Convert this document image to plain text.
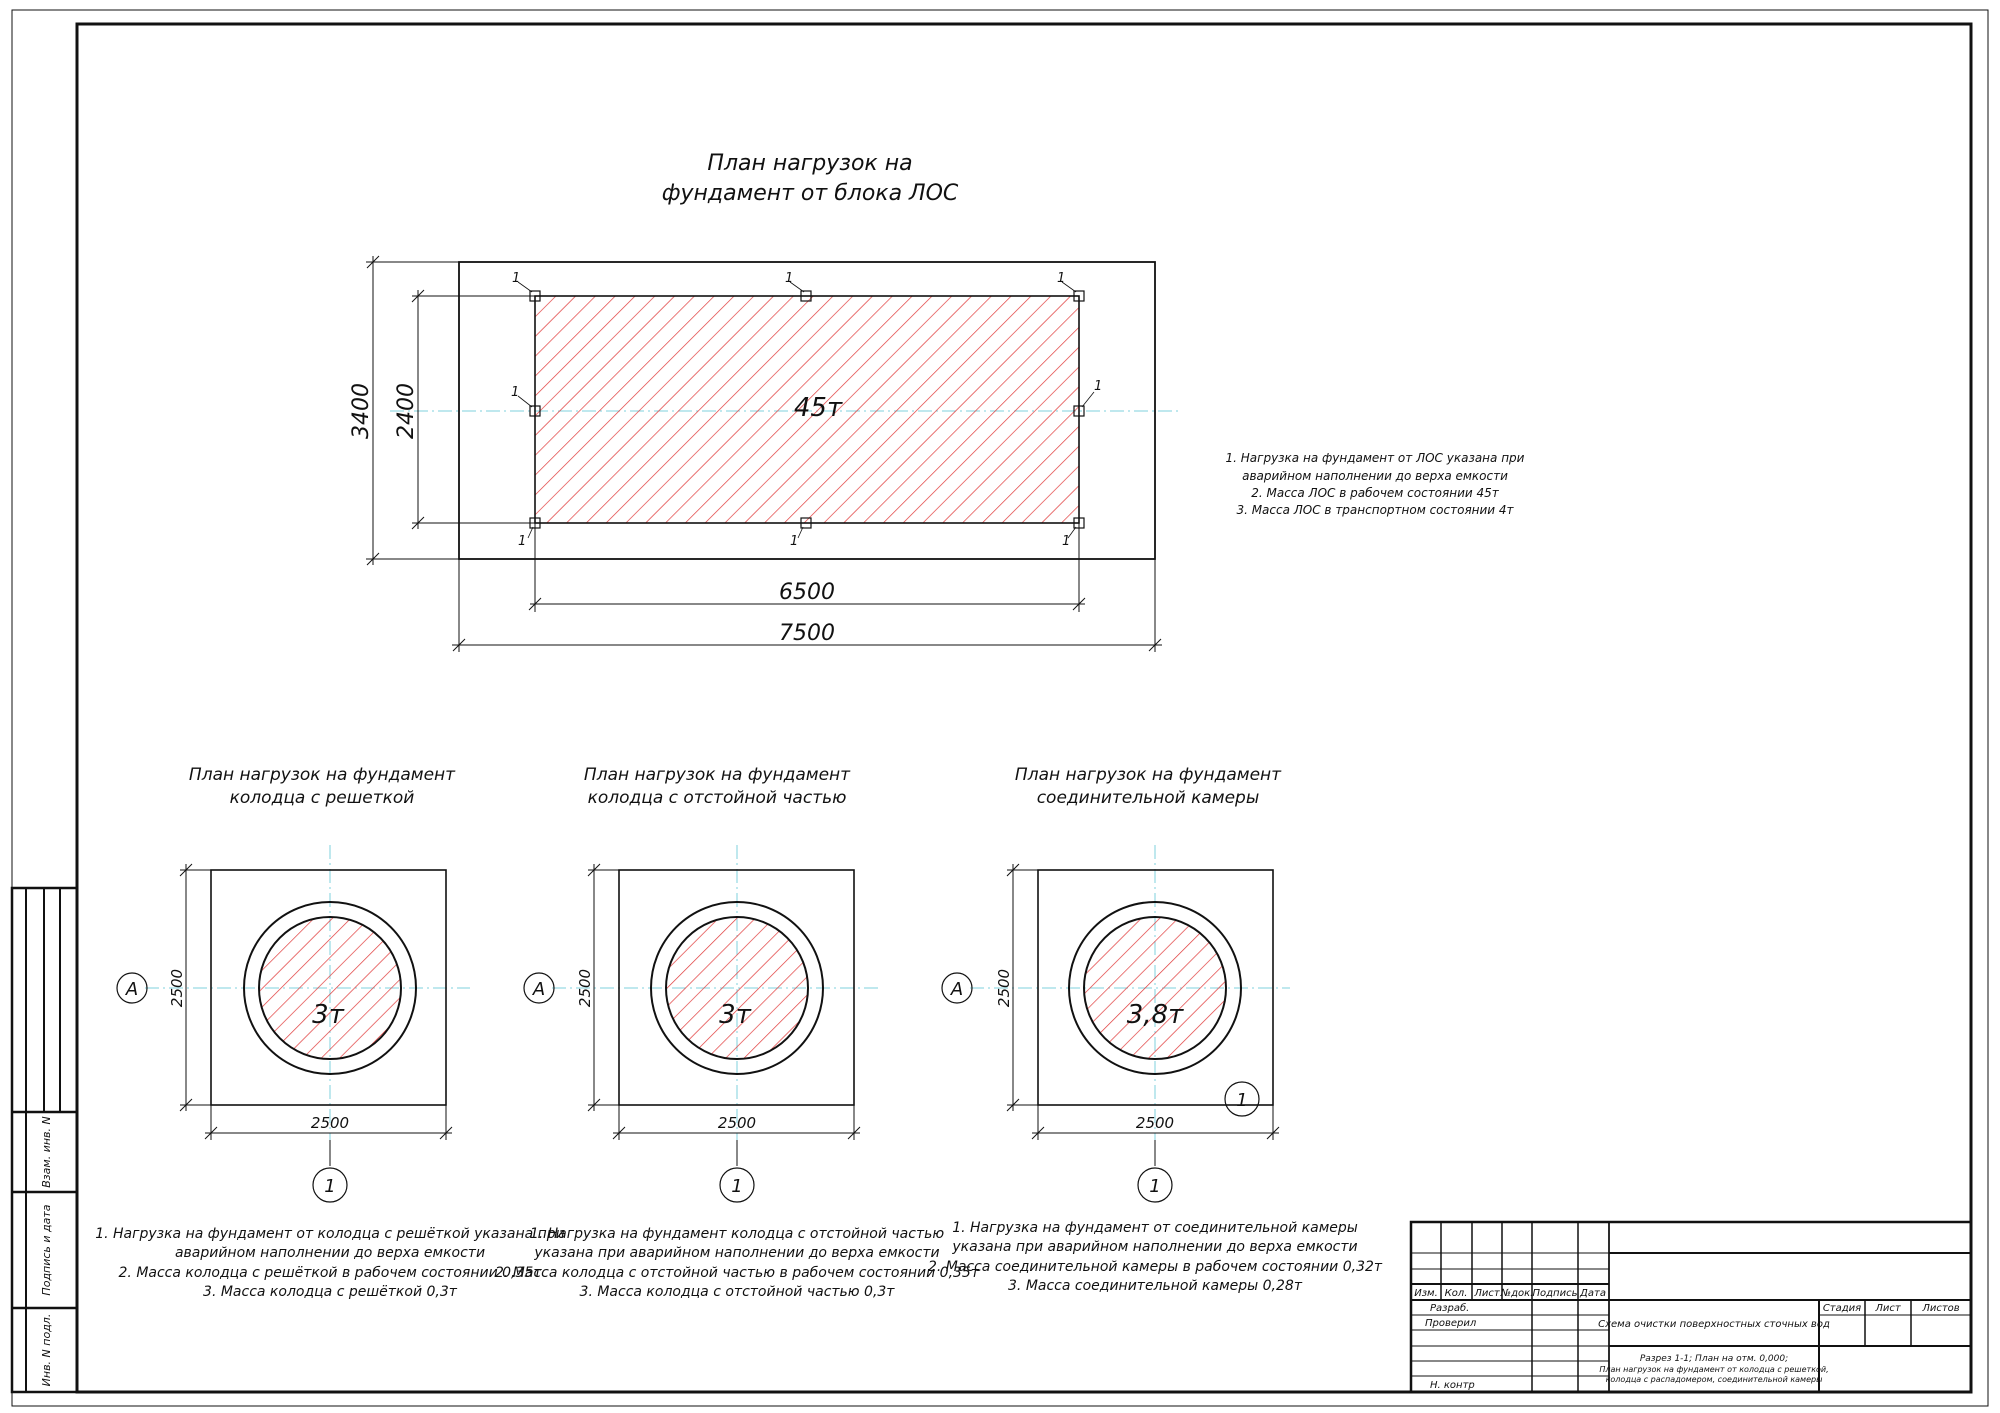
Взам. инв. N
Подпись и дата
Инв. N подл.
План нагрузок на
фундамент от блока ЛОС
45т
1	1	1
1	1
1	1	1
3400 2400
6500
7500
1. Нагрузка на фундамент от ЛОС указана при
аварийном наполнении до верха емкости
2. Масса ЛОС в рабочем состоянии 45т
3. Масса ЛОС в транспортном состоянии 4т
План нагрузок на фундамент
колодца с решеткой
3т
2500
2500
А
1
1. Нагрузка на фундамент от колодца с решёткой указана при
аварийном наполнении до верха емкости
2. Масса колодца с решёткой в рабочем состоянии 0,35т
3. Масса колодца с решёткой 0,3т
План нагрузок на фундамент
колодца с отстойной частью
3т
2500
2500
А
1
1. Нагрузка на фундамент колодца с отстойной частью
указана при аварийном наполнении до верха емкости
2. Масса колодца с отстойной частью в рабочем состоянии 0,35т
3. Масса колодца с отстойной частью 0,3т
План нагрузок на фундамент
соединительной камеры
3,8т
1
2500
2500
А
1
1. Нагрузка на фундамент от соединительной камеры
указана при аварийном наполнении до верха емкости
2. Масса соединительной камеры в рабочем состоянии 0,32т
3. Масса соединительной камеры 0,28т	Изм. Кол. Лист №док. Подпись Дата
Разраб.
Проверил
Н. контр
Схема очистки поверхностных сточных вод
Стадия Лист Листов
Разрез 1-1; План на отм. 0,000;
План нагрузок на фундамент от колодца с решеткой,
колодца с распадомером, соединительной камеры
